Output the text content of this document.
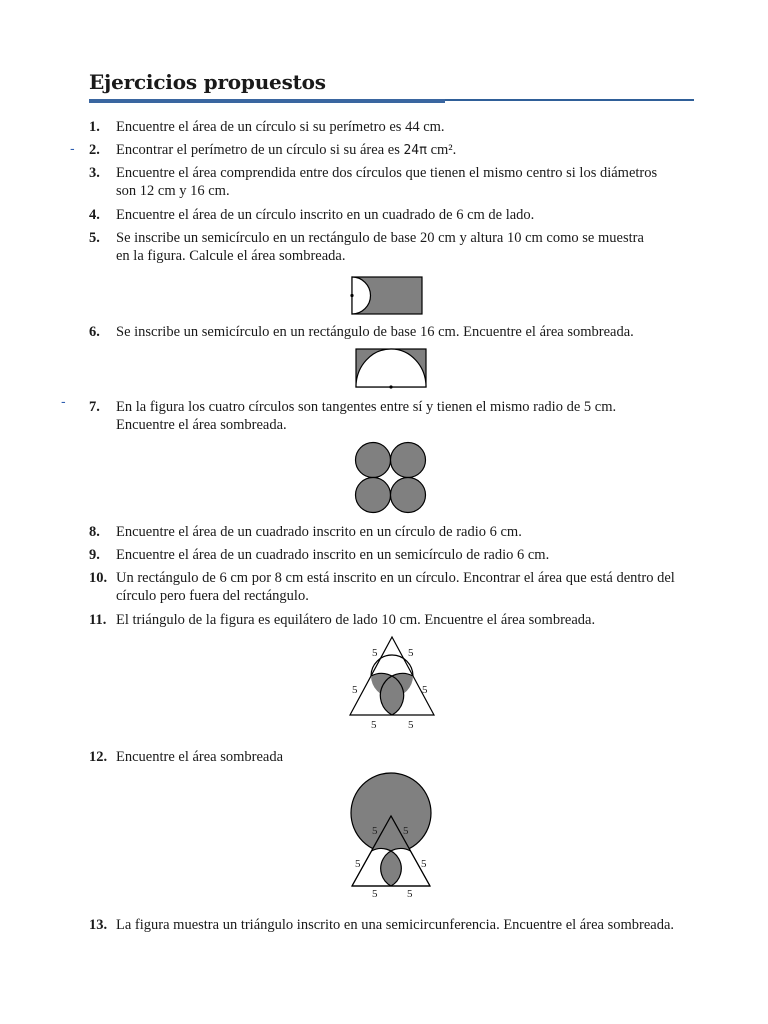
Ejercicios propuestos
-
-
1.	Encuentre el área de un círculo si su perímetro es 44 cm.
2.	Encontrar el perímetro de un círculo si su área es 24π cm².
3.	Encuentre el área comprendida entre dos círculos que tienen el mismo centro si los diámetros son 12 cm y 16 cm.
4.	Encuentre el área de un círculo inscrito en un cuadrado de 6 cm de lado.
5.	Se inscribe un semicírculo en un rectángulo de base 20 cm y altura 10 cm como se muestra en la figura. Calcule el área sombreada.
6.	Se inscribe un semicírculo en un rectángulo de base 16 cm. Encuentre el área sombreada.
7.	En la figura los cuatro círculos son tangentes entre sí y tienen el mismo radio de 5 cm. Encuentre el área sombreada.
8.	Encuentre el área de un cuadrado inscrito en un círculo de radio 6 cm.
9.	Encuentre el área de un cuadrado inscrito en un semicírculo de radio 6 cm.
10. Un rectángulo de 6 cm por 8 cm está inscrito en un círculo. Encontrar el área que está dentro del círculo pero fuera del rectángulo.
11. El triángulo de la figura es equilátero de lado 10 cm. Encuentre el área sombreada.
5	5
5	5
5	5
12. Encuentre el área sombreada
5 5
5	5
5	5
13. La figura muestra un triángulo inscrito en una semicircunferencia. Encuentre el área sombreada.
